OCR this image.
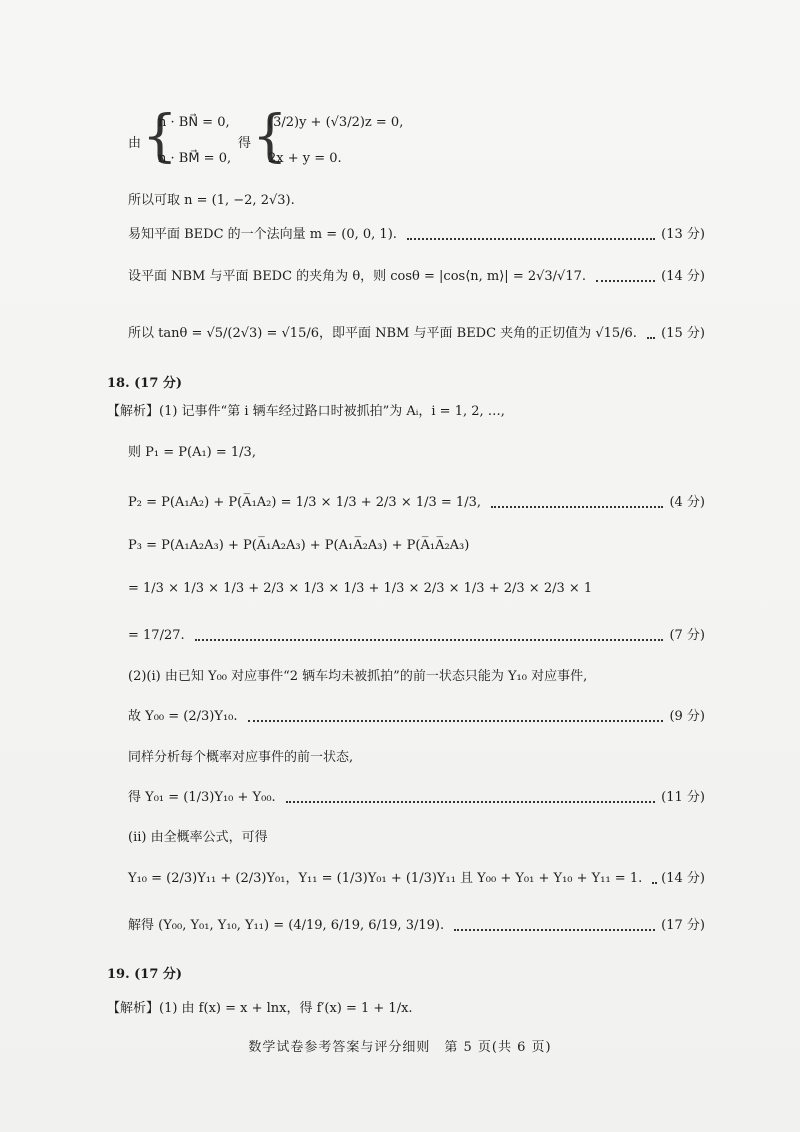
由 {
n · BN⃗ = 0,
n · BM⃗ = 0,
得 {
(3/2)y + (√3/2)z = 0,
2x + y = 0.
所以可取 n = (1, −2, 2√3).
易知平面 BEDC 的一个法向量 m = (0, 0, 1).	(13 分)
设平面 NBM 与平面 BEDC 的夹角为 θ，则 cosθ = |cos⟨n, m⟩| = 2√3/√17.	(14 分)
所以 tanθ = √5/(2√3) = √15/6，即平面 NBM 与平面 BEDC 夹角的正切值为 √15/6. (15 分)
18. (17 分)
【解析】(1) 记事件“第 i 辆车经过路口时被抓拍”为 Aᵢ，i = 1, 2, …,
则 P₁ = P(A₁) = 1/3,
P₂ = P(A₁A₂) + P(A̅₁A₂) = 1/3 × 1/3 + 2/3 × 1/3 = 1/3,	(4 分)
P₃ = P(A₁A₂A₃) + P(A̅₁A₂A₃) + P(A₁A̅₂A₃) + P(A̅₁A̅₂A₃)
= 1/3 × 1/3 × 1/3 + 2/3 × 1/3 × 1/3 + 1/3 × 2/3 × 1/3 + 2/3 × 2/3 × 1
= 17/27.	(7 分)
(2)(i) 由已知 Y₀₀ 对应事件“2 辆车均未被抓拍”的前一状态只能为 Y₁₀ 对应事件,
故 Y₀₀ = (2/3)Y₁₀.	(9 分)
同样分析每个概率对应事件的前一状态,
得 Y₀₁ = (1/3)Y₁₀ + Y₀₀.	(11 分)
(ii) 由全概率公式，可得
Y₁₀ = (2/3)Y₁₁ + (2/3)Y₀₁，Y₁₁ = (1/3)Y₀₁ + (1/3)Y₁₁ 且 Y₀₀ + Y₀₁ + Y₁₀ + Y₁₁ = 1. (14 分)
解得 (Y₀₀, Y₀₁, Y₁₀, Y₁₁) = (4/19, 6/19, 6/19, 3/19).	(17 分)
19. (17 分)
【解析】(1) 由 f(x) = x + lnx，得 f′(x) = 1 + 1/x.
数学试卷参考答案与评分细则　第 5 页(共 6 页)
